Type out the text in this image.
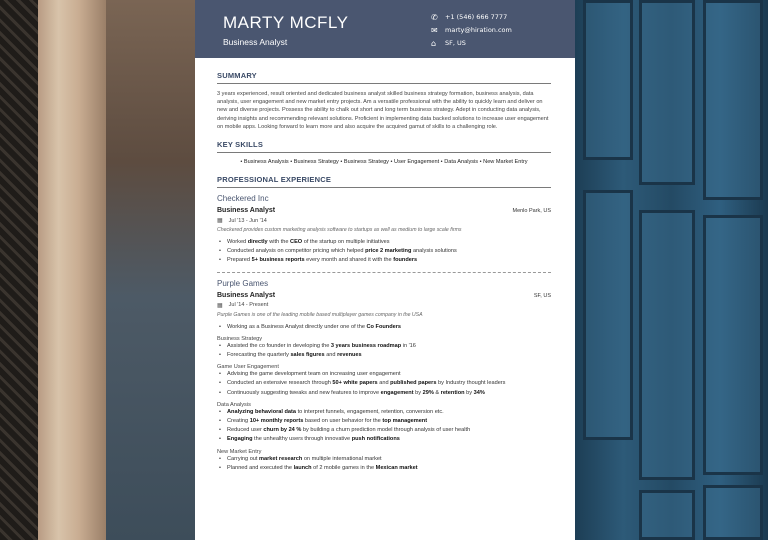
MARTY MCFLY
Business Analyst
✆	+1 (546) 666 7777
✉	marty@hiration.com
⌂	SF, US
SUMMARY
3 years experienced, result oriented and dedicated business analyst skilled business strategy formation, business analysis, data analysis, user engagement and new market entry projects. Am a versatile professional with the ability to quickly learn and deliver on new and diverse projects. Possess the ability to chalk out short and long term business strategy. Adept in conducting data analysis, deriving insights and recommending relevant solutions. Proficient in implementing data backed solutions to increase user engagement on mobile apps. Looking forward to learn more and also acquire the acquired gamut of skills to a challenging role.
KEY SKILLS
• Business Analysis • Business Strategy • Business Strategy • User Engagement • Data Analysis • New Market Entry
PROFESSIONAL EXPERIENCE
Checkered Inc
Business Analyst	Menlo Park, US
▦ Jul '13 - Jun '14
Checkered provides custom marketing analysis software to startups as well as medium to large scale firms
• Worked directly with the CEO of the startup on multiple initiatives
• Conducted analysis on competitor pricing which helped price 2 marketing analysis solutions
• Prepared 5+ business reports every month and shared it with the founders
Purple Games
Business Analyst	SF, US
▦ Jul '14 - Present
Purple Games is one of the leading mobile based multiplayer games company in the USA
• Working as a Business Analyst directly under one of the Co Founders
Business Strategy
• Assisted the co founder in developing the 3 years business roadmap in '16
• Forecasting the quarterly sales figures and revenues
Game User Engagement
• Advising the game development team on increasing user engagement
• Conducted an extensive research through 50+ white papers and published papers by Industry thought leaders
• Continuously suggesting tweaks and new features to improve engagement by 29% & retention by 34%
Data Analysis
• Analyzing behavioral data to interpret funnels, engagement, retention, conversion etc.
• Creating 10+ monthly reports based on user behavior for the top management
• Reduced user churn by 24 % by building a churn prediction model through analysis of user health
• Engaging the unhealthy users through innovative push notifications
New Market Entry
• Carrying out market research on multiple international market
• Planned and executed the launch of 2 mobile games in the Mexican market
